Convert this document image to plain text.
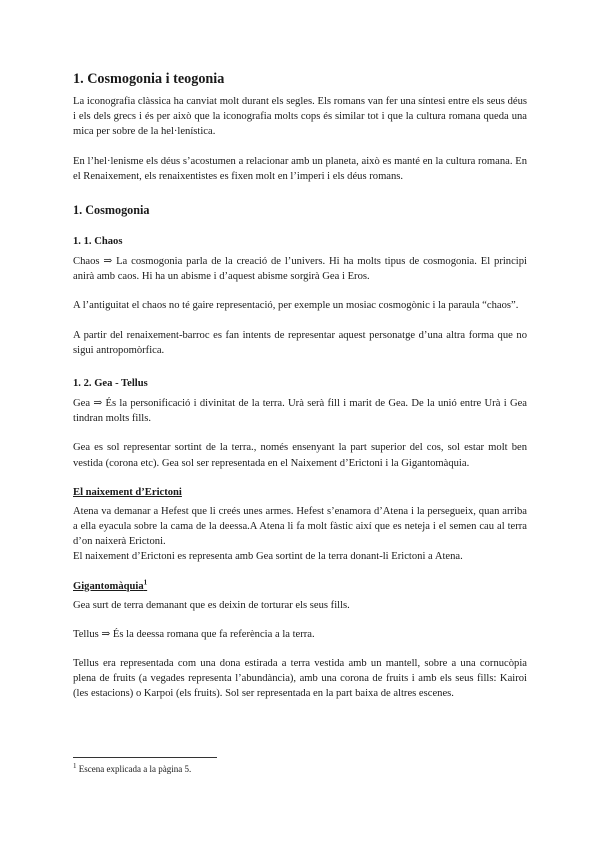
1. Cosmogonia i teogonia

La iconografia clàssica ha canviat molt durant els segles. Els romans van fer una síntesi entre els seus déus i els dels grecs i és per això que la iconografia molts cops és similar tot i que la cultura romana queda una mica per sobre de la hel·lenística.

En l’hel·lenisme els déus s’acostumen a relacionar amb un planeta, això es manté en la cultura romana. En el Renaixement, els renaixentistes es fixen molt en l’imperi i els déus romans.

1. Cosmogonia
1. 1. Chaos

Chaos ⇒ La cosmogonia parla de la creació de l’univers. Hi ha molts tipus de cosmogonia. El principi anirà amb caos. Hi ha un abisme i d’aquest abisme sorgirà Gea i Eros.

A l’antiguitat el chaos no té gaire representació, per exemple un mosiac cosmogònic i la paraula “chaos”.

A partir del renaixement-barroc es fan intents de representar aquest personatge d’una altra forma que no sigui antropomòrfica.

1. 2. Gea - Tellus

Gea ⇒ És la personificació i divinitat de la terra. Urà serà fill i marit de Gea. De la unió entre Urà i Gea tindran molts fills.

Gea es sol representar sortint de la terra., només ensenyant la part superior del cos, sol estar molt ben vestida (corona etc). Gea sol ser representada en el Naixement d’Erictoni i la Gigantomàquia.

El naixement d’Erictoni

Atena va demanar a Hefest que li creés unes armes. Hefest s’enamora d’Atena i la persegueix, quan arriba a ella eyacula sobre la cama de la deessa.A Atena li fa molt fàstic així que es neteja i el semen cau al terra d’on naixerà Erictoni.

El naixement d’Erictoni es representa amb Gea sortint de la terra donant-li Erictoni a Atena.

Gigantomàquia$^1$

Gea surt de terra demanant que es deixin de torturar els seus fills.

Tellus ⇒ És la deessa romana que fa referència a la terra.

Tellus era representada com una dona estirada a terra vestida amb un mantell, sobre a una cornucòpia plena de fruits (a vegades representa l’abundància), amb una corona de fruits i amb els seus fills: Kairoi (les estacions) o Karpoi (els fruits). Sol ser representada en la part baixa de altres escenes.

$^1$ Escena explicada a la pàgina 5.
